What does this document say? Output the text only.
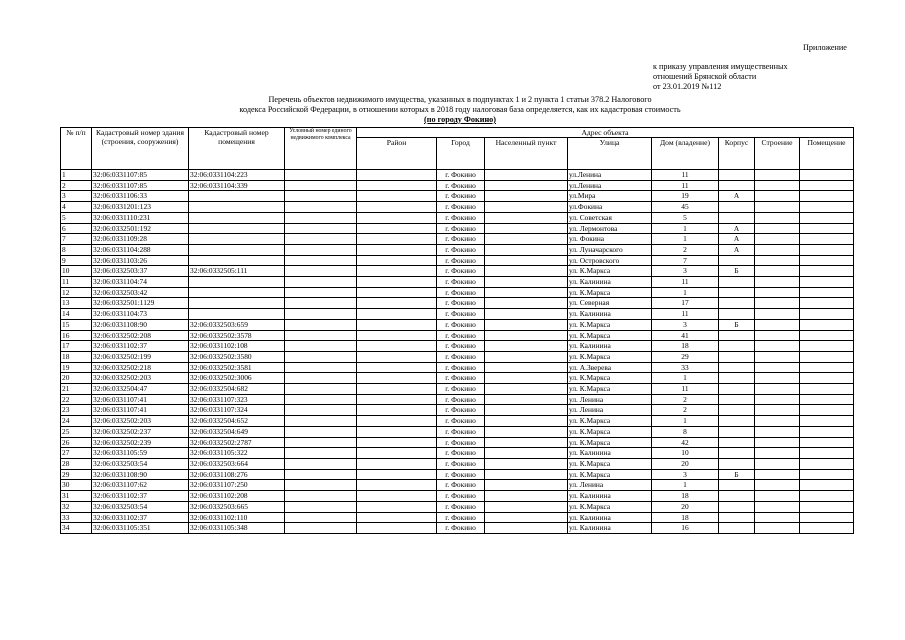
Приложение
к приказу управления имущественных
отношений Брянской области
от 23.01.2019 №112
Перечень объектов недвижимого имущества, указанных в подпунктах 1 и 2 пункта 1 статьи 378.2 Налогового
кодекса Российской Федерации, в отношении которых в 2018 году налоговая база определяется, как их кадастровая стоимость
(по городу Фокино)
№ п/п	Кадастровый номер здания (строения, сооружения)	Кадастровый номер помещения	Условный номер единого недвижимого комплекса	Адрес объекта							
				Район	Город	Населенный пункт	Улица	Дом (владение)	Корпус	Строение	Помещение
1	32:06:0331107:85	32:06:0331104:223			г. Фокино		ул.Ленина	11			
2	32:06:0331107:85	32:06:0331104:339			г. Фокино		ул.Ленина	11			
3	32:06:0331106:33				г. Фокино		ул.Мира	19	А		
4	32:06:0331201:123				г. Фокино		ул.Фокина	45			
5	32:06:0331110:231				г. Фокино		ул. Советская	5			
6	32:06:0332501:192				г. Фокино		ул. Лермонтова	1	А		
7	32:06:0331109:28				г. Фокино		ул. Фокина	1	А		
8	32:06:0331104:288				г. Фокино		ул. Луначарского	2	А		
9	32:06:0331103:26				г. Фокино		ул. Островского	7			
10	32:06:0332503:37	32:06:0332505:111			г. Фокино		ул. К.Маркса	3	Б		
11	32:06:0331104:74				г. Фокино		ул. Калинина	11			
12	32:06:0332503:42				г. Фокино		ул. К.Маркса	1			
13	32:06:0332501:1129				г. Фокино		ул. Северная	17			
14	32:06:0331104:73				г. Фокино		ул. Калинина	11			
15	32:06:0331108:90	32:06:0332503:659			г. Фокино		ул. К.Маркса	3	Б		
16	32:06:0332502:208	32:06:0332502:3578			г. Фокино		ул. К.Маркса	41			
17	32:06:0331102:37	32:06:0331102:108			г. Фокино		ул. Калинина	18			
18	32:06:0332502:199	32:06:0332502:3580			г. Фокино		ул. К.Маркса	29			
19	32:06:0332502:218	32:06:0332502:3581			г. Фокино		ул. А.Зверева	33			
20	32:06:0332502:203	32:06:0332502:3006			г. Фокино		ул. К.Маркса	1			
21	32:06:0332504:47	32:06:0332504:682			г. Фокино		ул. К.Маркса	11			
22	32:06:0331107:41	32:06:0331107:323			г. Фокино		ул. Ленина	2			
23	32:06:0331107:41	32:06:0331107:324			г. Фокино		ул. Ленина	2			
24	32:06:0332502:203	32:06:0332504:652			г. Фокино		ул. К.Маркса	1			
25	32:06:0332502:237	32:06:0332504:649			г. Фокино		ул. К.Маркса	8			
26	32:06:0332502:239	32:06:0332502:2787			г. Фокино		ул. К.Маркса	42			
27	32:06:0331105:59	32:06:0331105:322			г. Фокино		ул. Калинина	10			
28	32:06:0332503:54	32:06:0332503:664			г. Фокино		ул. К.Маркса	20			
29	32:06:0331108:90	32:06:0331108:276			г. Фокино		ул. К.Маркса	3	Б		
30	32:06:0331107:62	32:06:0331107:250			г. Фокино		ул. Ленина	1			
31	32:06:0331102:37	32:06:0331102:208			г. Фокино		ул. Калинина	18			
32	32:06:0332503:54	32:06:0332503:665			г. Фокино		ул. К.Маркса	20			
33	32:06:0331102:37	32:06:0331102:110			г. Фокино		ул. Калинина	18			
34	32:06:0331105:351	32:06:0331105:348			г. Фокино		ул. Калинина	16			
